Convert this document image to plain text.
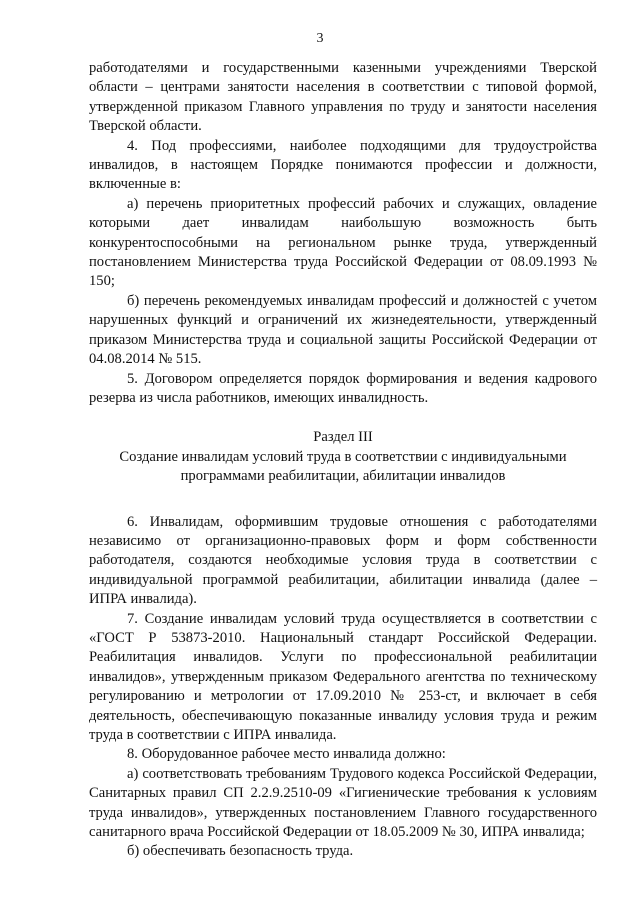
3

работодателями и государственными казенными учреждениями Тверской области – центрами занятости населения в соответствии с типовой формой, утвержденной приказом Главного управления по труду и занятости населения Тверской области.

4. Под профессиями, наиболее подходящими для трудоустройства инвалидов, в настоящем Порядке понимаются профессии и должности, включенные в:

а) перечень приоритетных профессий рабочих и служащих, овладение которыми дает инвалидам наибольшую возможность быть конкурентоспособными на региональном рынке труда, утвержденный постановлением Министерства труда Российской Федерации от 08.09.1993 № 150;

б) перечень рекомендуемых инвалидам профессий и должностей с учетом нарушенных функций и ограничений их жизнедеятельности, утвержденный приказом Министерства труда и социальной защиты Российской Федерации от 04.08.2014 № 515.

5. Договором определяется порядок формирования и ведения кадрового резерва из числа работников, имеющих инвалидность.

Раздел III
Создание инвалидам условий труда в соответствии с индивидуальными
программами реабилитации, абилитации инвалидов

6. Инвалидам, оформившим трудовые отношения с работодателями независимо от организационно-правовых форм и форм собственности работодателя, создаются необходимые условия труда в соответствии с индивидуальной программой реабилитации, абилитации инвалида (далее – ИПРА инвалида).

7. Создание инвалидам условий труда осуществляется в соответствии с «ГОСТ Р 53873-2010. Национальный стандарт Российской Федерации. Реабилитация инвалидов. Услуги по профессиональной реабилитации инвалидов», утвержденным приказом Федерального агентства по техническому регулированию и метрологии от 17.09.2010 № 253-ст, и включает в себя деятельность, обеспечивающую показанные инвалиду условия труда и режим труда в соответствии с ИПРА инвалида.

8. Оборудованное рабочее место инвалида должно:

а) соответствовать требованиям Трудового кодекса Российской Федерации, Санитарных правил СП 2.2.9.2510-09 «Гигиенические требования к условиям труда инвалидов», утвержденных постановлением Главного государственного санитарного врача Российской Федерации от 18.05.2009 № 30, ИПРА инвалида;

б) обеспечивать безопасность труда.
